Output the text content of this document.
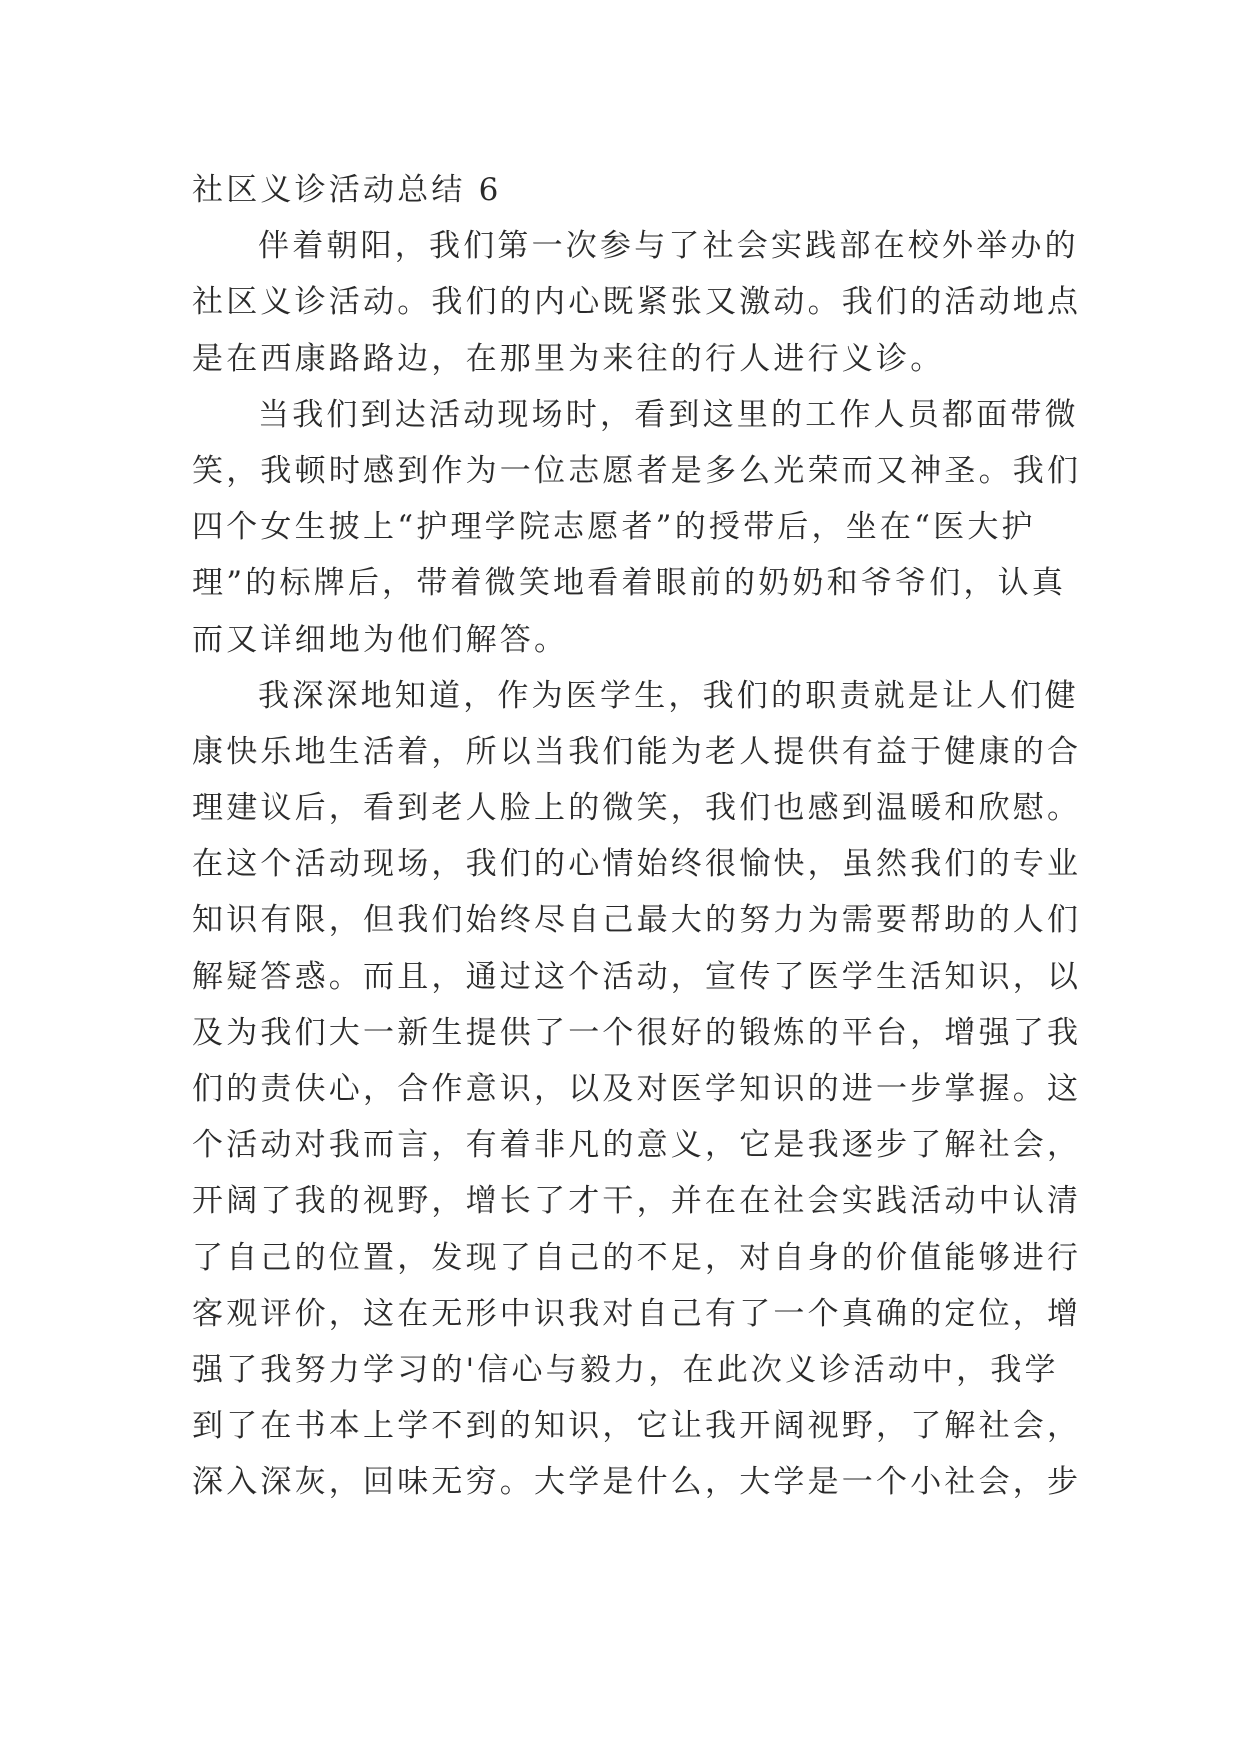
社区义诊活动总结 6
伴着朝阳，我们第一次参与了社会实践部在校外举办的
社区义诊活动。我们的内心既紧张又激动。我们的活动地点
是在西康路路边，在那里为来往的行人进行义诊。
当我们到达活动现场时，看到这里的工作人员都面带微
笑，我顿时感到作为一位志愿者是多么光荣而又神圣。我们
四个女生披上“护理学院志愿者”的授带后，坐在“医大护
理”的标牌后，带着微笑地看着眼前的奶奶和爷爷们，认真
而又详细地为他们解答。
我深深地知道，作为医学生，我们的职责就是让人们健
康快乐地生活着，所以当我们能为老人提供有益于健康的合
理建议后，看到老人脸上的微笑，我们也感到温暖和欣慰。
在这个活动现场，我们的心情始终很愉快，虽然我们的专业
知识有限，但我们始终尽自己最大的努力为需要帮助的人们
解疑答惑。而且，通过这个活动，宣传了医学生活知识，以
及为我们大一新生提供了一个很好的锻炼的平台，增强了我
们的责伕心，合作意识，以及对医学知识的进一步掌握。这
个活动对我而言，有着非凡的意义，它是我逐步了解社会，
开阔了我的视野，增长了才干，并在在社会实践活动中认清
了自己的位置，发现了自己的不足，对自身的价值能够进行
客观评价，这在无形中识我对自己有了一个真确的定位，增
强了我努力学习的'信心与毅力，在此次义诊活动中，我学
到了在书本上学不到的知识，它让我开阔视野，了解社会，
深入深灰，回味无穷。大学是什么，大学是一个小社会，步
